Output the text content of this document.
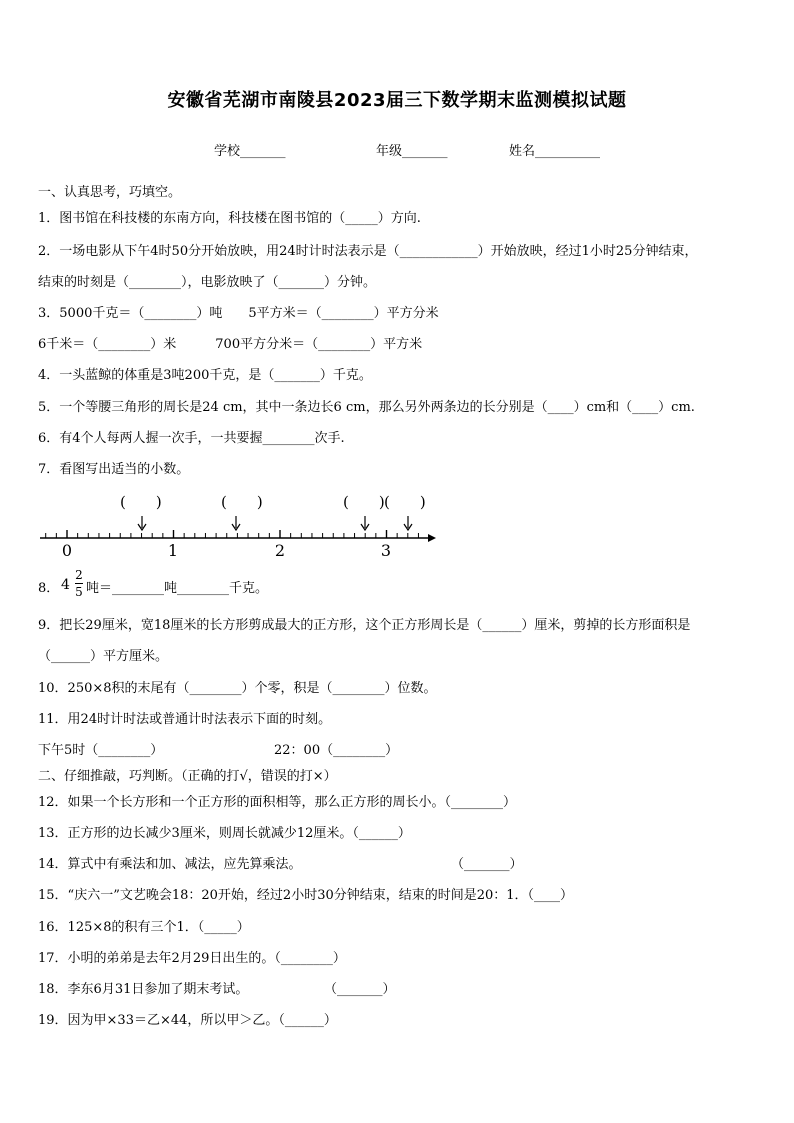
安徽省芜湖市南陵县2023届三下数学期末监测模拟试题
学校_______	年级_______	姓名__________
一、认真思考，巧填空。
1．图书馆在科技楼的东南方向，科技楼在图书馆的（_____）方向.
2．一场电影从下午4时50分开始放映，用24时计时法表示是（____________）开始放映，经过1小时25分钟结束，
结束的时刻是（________），电影放映了（_______）分钟。
3．5000千克＝（________）吨　　5平方米＝（________）平方分米
6千米＝（________）米　　　700平方分米＝（________）平方米
4．一头蓝鲸的体重是3吨200千克，是（_______）千克。
5．一个等腰三角形的周长是24 cm，其中一条边长6 cm，那么另外两条边的长分别是（____）cm和（____）cm.
6．有4个人每两人握一次手，一共要握________次手.
7．看图写出适当的小数。
(　　)	(　　)	(　　) (　　)
0	1	2	3
8． 4
2
5 吨＝________吨________千克。
9．把长29厘米，宽18厘米的长方形剪成最大的正方形，这个正方形周长是（______）厘米，剪掉的长方形面积是
（______）平方厘米。
10．250×8积的末尾有（________）个零，积是（________）位数。
11．用24时计时法或普通计时法表示下面的时刻。
下午5时（________）	22：00（________）
二、仔细推敲，巧判断。（正确的打√，错误的打×）
12．如果一个长方形和一个正方形的面积相等，那么正方形的周长小。（________）
13．正方形的边长减少3厘米，则周长就减少12厘米。（______）
14．算式中有乘法和加、减法，应先算乘法。	（_______）
15．“庆六一”文艺晚会18：20开始，经过2小时30分钟结束，结束的时间是20：1．（____）
16．125×8的积有三个1．（_____）
17．小明的弟弟是去年2月29日出生的。（________）
18．李东6月31日参加了期末考试。	（_______）
19．因为甲×33＝乙×44，所以甲＞乙。（______）
